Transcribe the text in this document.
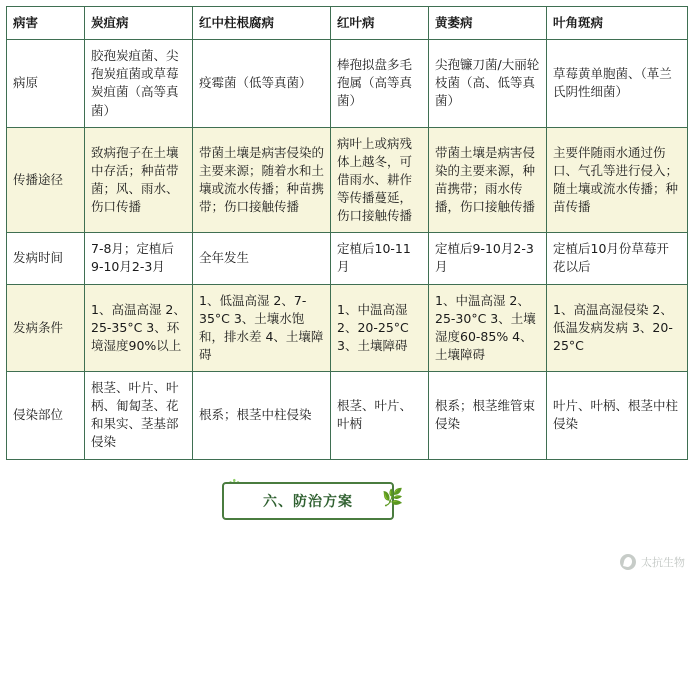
病害	炭疽病	红中柱根腐病	红叶病	黄萎病	叶角斑病
病原	胶孢炭疽菌、尖孢炭疽菌或草莓炭疽菌（高等真菌）	疫霉菌（低等真菌）	棒孢拟盘多毛孢属（高等真菌）	尖孢镰刀菌/大丽轮枝菌（高、低等真菌）	草莓黄单胞菌、（革兰氏阴性细菌）
传播途径	致病孢子在土壤中存活；种苗带菌；风、雨水、伤口传播	带菌土壤是病害侵染的主要来源；随着水和土壤或流水传播；种苗携带；伤口接触传播	病叶上或病残体上越冬，可借雨水、耕作等传播蔓延，伤口接触传播	带菌土壤是病害侵染的主要来源，种苗携带；雨水传播，伤口接触传播	主要伴随雨水通过伤口、气孔等进行侵入；随土壤或流水传播；种苗传播
发病时间	7-8月；定植后9-10月2-3月	全年发生	定植后10-11月	定植后9-10月2-3月	定植后10月份草莓开花以后
发病条件	1、高温高湿 2、25-35°C 3、环境湿度90%以上	1、低温高湿 2、7-35°C 3、土壤水饱和，排水差 4、土壤障碍	1、中温高湿 2、20-25°C 3、土壤障碍	1、中温高湿 2、25-30°C 3、土壤湿度60-85% 4、土壤障碍	1、高温高湿侵染 2、低温发病发病 3、20-25°C
侵染部位	根茎、叶片、叶柄、匍匐茎、花和果实、茎基部侵染	根系；根茎中柱侵染	根茎、叶片、叶柄	根系；根茎维管束侵染	叶片、叶柄、根茎中柱侵染
太抗生物
六、防治方案 🌿
